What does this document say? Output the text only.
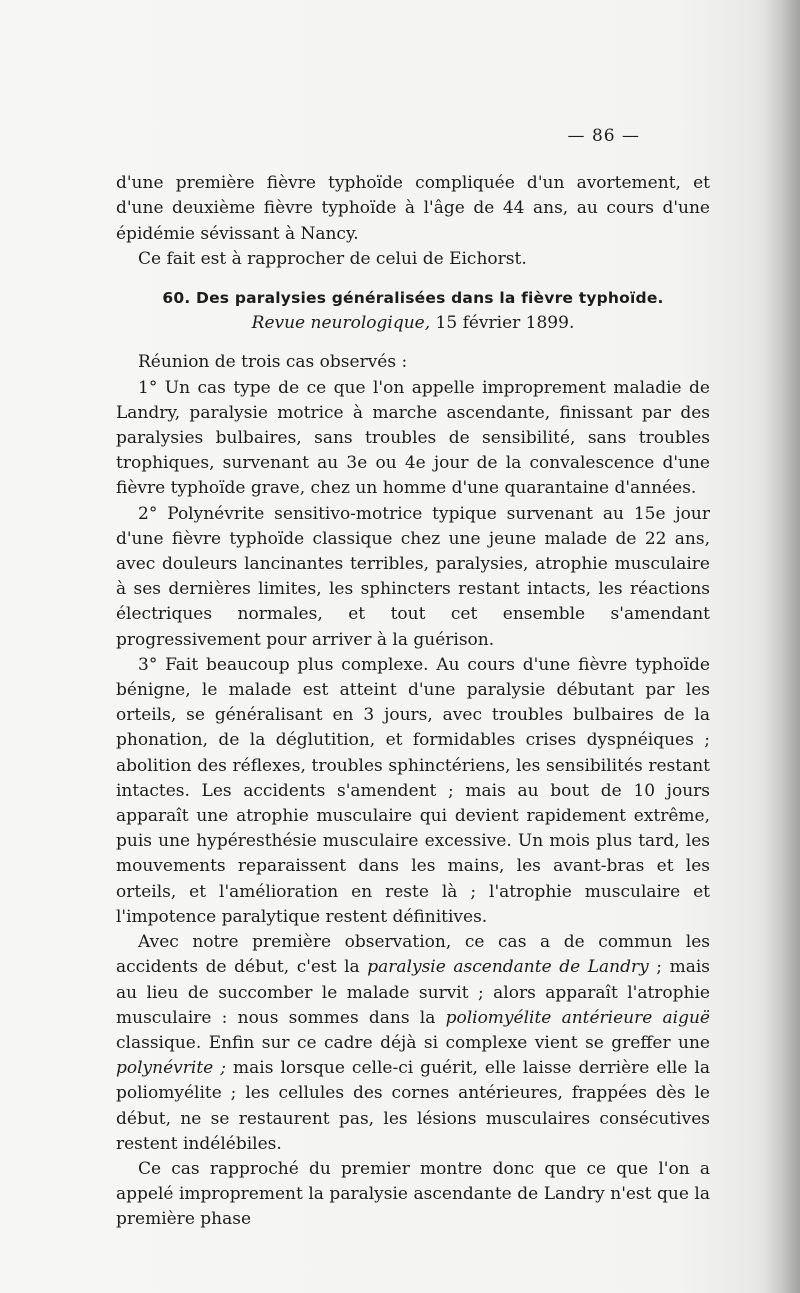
— 86 —

d'une première fièvre typhoïde compliquée d'un avortement, et d'une deuxième fièvre typhoïde à l'âge de 44 ans, au cours d'une épidémie sévissant à Nancy.

Ce fait est à rapprocher de celui de Eichorst.

60. Des paralysies généralisées dans la fièvre typhoïde.

Revue neurologique, 15 février 1899.

Réunion de trois cas observés :

1° Un cas type de ce que l'on appelle improprement maladie de Landry, paralysie motrice à marche ascendante, finissant par des paralysies bulbaires, sans troubles de sensibilité, sans troubles trophiques, survenant au 3e ou 4e jour de la convalescence d'une fièvre typhoïde grave, chez un homme d'une quarantaine d'années.

2° Polynévrite sensitivo-motrice typique survenant au 15e jour d'une fièvre typhoïde classique chez une jeune malade de 22 ans, avec douleurs lancinantes terribles, paralysies, atrophie musculaire à ses dernières limites, les sphincters restant intacts, les réactions électriques normales, et tout cet ensemble s'amendant progressivement pour arriver à la guérison.

3° Fait beaucoup plus complexe. Au cours d'une fièvre typhoïde bénigne, le malade est atteint d'une paralysie débutant par les orteils, se généralisant en 3 jours, avec troubles bulbaires de la phonation, de la déglutition, et formidables crises dyspnéiques ; abolition des réflexes, troubles sphinctériens, les sensibilités restant intactes. Les accidents s'amendent ; mais au bout de 10 jours apparaît une atrophie musculaire qui devient rapidement extrême, puis une hypéresthésie musculaire excessive. Un mois plus tard, les mouvements reparaissent dans les mains, les avant-bras et les orteils, et l'amélioration en reste là ; l'atrophie musculaire et l'impotence paralytique restent définitives.

Avec notre première observation, ce cas a de commun les accidents de début, c'est la paralysie ascendante de Landry ; mais au lieu de succomber le malade survit ; alors apparaît l'atrophie musculaire : nous sommes dans la poliomyélite antérieure aiguë classique. Enfin sur ce cadre déjà si complexe vient se greffer une polynévrite ; mais lorsque celle-ci guérit, elle laisse derrière elle la poliomyélite ; les cellules des cornes antérieures, frappées dès le début, ne se restaurent pas, les lésions musculaires consécutives restent indélébiles.

Ce cas rapproché du premier montre donc que ce que l'on a appelé improprement la paralysie ascendante de Landry n'est que la première phase
